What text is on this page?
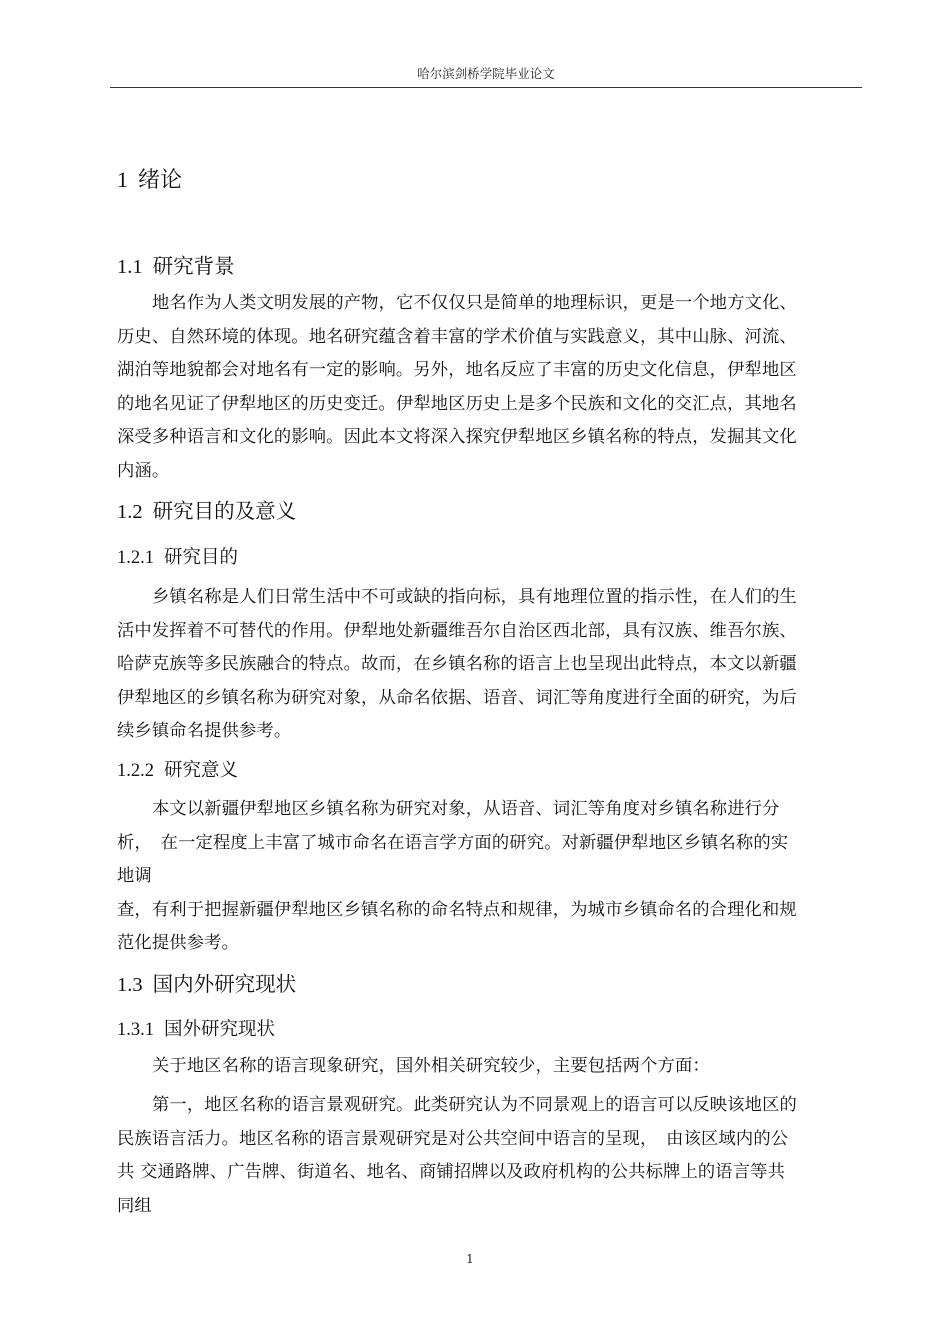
哈尔滨剑桥学院毕业论文
1 绪论
1.1 研究背景
地名作为人类文明发展的产物，它不仅仅只是简单的地理标识，更是一个地方文化、
历史、自然环境的体现。地名研究蕴含着丰富的学术价值与实践意义，其中山脉、河流、
湖泊等地貌都会对地名有一定的影响。另外，地名反应了丰富的历史文化信息，伊犁地区
的地名见证了伊犁地区的历史变迁。伊犁地区历史上是多个民族和文化的交汇点，其地名
深受多种语言和文化的影响。因此本文将深入探究伊犁地区乡镇名称的特点，发掘其文化
内涵。
1.2 研究目的及意义
1.2.1 研究目的
乡镇名称是人们日常生活中不可或缺的指向标，具有地理位置的指示性，在人们的生
活中发挥着不可替代的作用。伊犁地处新疆维吾尔自治区西北部，具有汉族、维吾尔族、
哈萨克族等多民族融合的特点。故而，在乡镇名称的语言上也呈现出此特点，本文以新疆
伊犁地区的乡镇名称为研究对象，从命名依据、语音、词汇等角度进行全面的研究，为后
续乡镇命名提供参考。
1.2.2 研究意义
本文以新疆伊犁地区乡镇名称为研究对象，从语音、词汇等角度对乡镇名称进行分
析，　在一定程度上丰富了城市命名在语言学方面的研究。对新疆伊犁地区乡镇名称的实
地调
查，有利于把握新疆伊犁地区乡镇名称的命名特点和规律，为城市乡镇命名的合理化和规
范化提供参考。
1.3 国内外研究现状
1.3.1 国外研究现状
关于地区名称的语言现象研究，国外相关研究较少，主要包括两个方面：
第一，地区名称的语言景观研究。此类研究认为不同景观上的语言可以反映该地区的
民族语言活力。地区名称的语言景观研究是对公共空间中语言的呈现，　由该区域内的公
共 交通路牌、广告牌、街道名、地名、商铺招牌以及政府机构的公共标牌上的语言等共
同组
1
